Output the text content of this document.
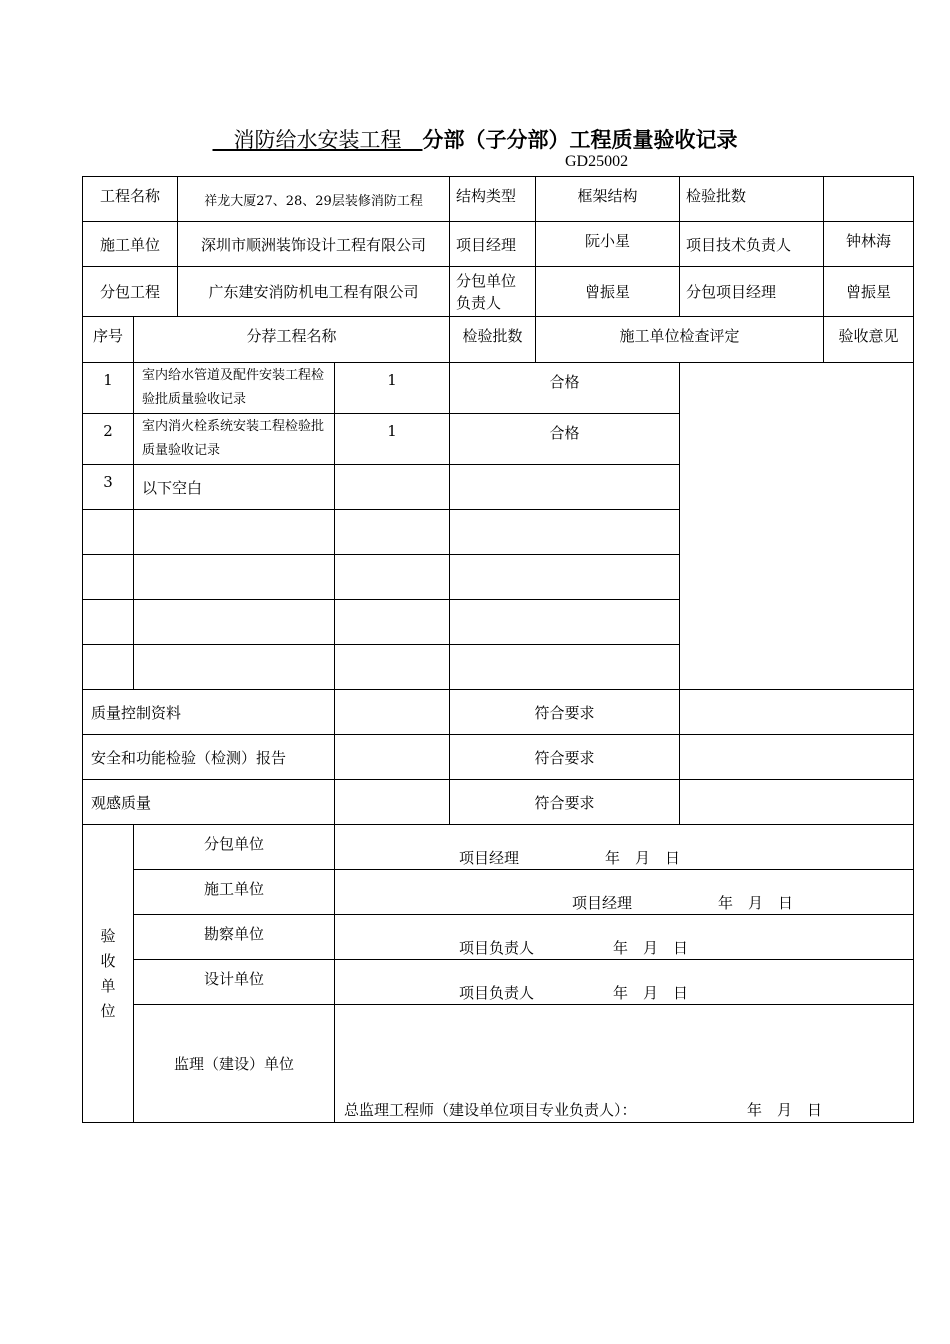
　消防给水安装工程　 分部（子分部）工程质量验收记录
GD25002
工程名称		祥龙大厦27、28、29层装修消防工程		结构类型	框架结构	检验批数	
施工单位		深圳市顺洲装饰设计工程有限公司		项目经理	阮小星	项目技术负责人	钟林海
分包工程		广东建安消防机电工程有限公司		分包单位负责人	曾振星	分包项目经理	曾振星
序号	分荐工程名称			检验批数	施工单位检查评定		验收意见
1	室内给水管道及配件安装工程检验批质量验收记录		1	合格			
2	室内消火栓系统安装工程检验批质量验收记录		1	合格			
3	以下空白						

质量控制资料				符合要求			
安全和功能检验（检测）报告				符合要求			
观感质量				符合要求			

验收单位	分包单位		项目经理 年　月　日				

	施工单位		项目经理 年　月　日				

	勘察单位		项目负责人 年　月　日				

	设计单位		项目负责人 年　月　日				

	监理（建设）单位		总监理工程师（建设单位项目专业负责人）： 年　月　日				
